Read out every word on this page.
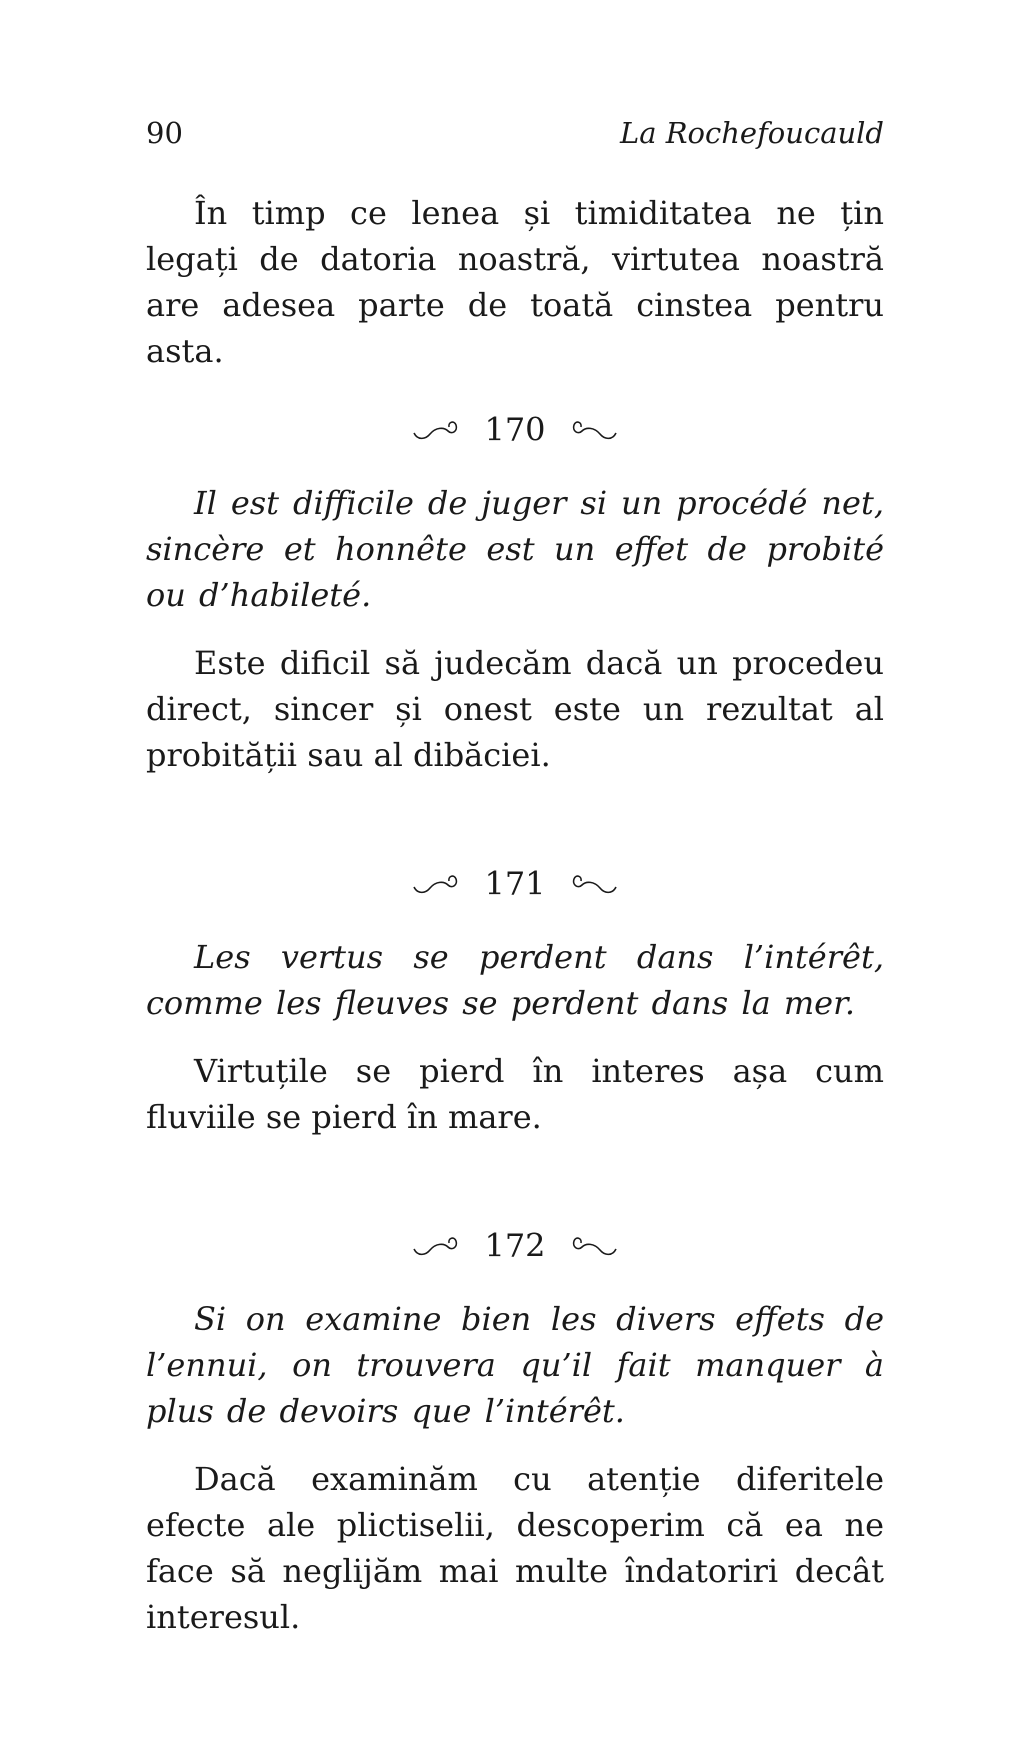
90	La Rochefoucauld

În timp ce lenea și timiditatea ne țin legați de datoria noastră, virtutea noastră are adesea parte de toată cinstea pentru asta.

170

Il est difficile de juger si un procédé net, sincère et honnête est un effet de probité ou d’habileté.

Este dificil să judecăm dacă un procedeu direct, sincer și onest este un rezultat al probității sau al dibăciei.

171

Les vertus se perdent dans l’intérêt, comme les fleuves se perdent dans la mer.

Virtuțile se pierd în interes așa cum fluviile se pierd în mare.

172

Si on examine bien les divers effets de l’ennui, on trouvera qu’il fait manquer à plus de devoirs que l’intérêt.

Dacă examinăm cu atenție diferitele efecte ale plictiselii, descoperim că ea ne face să neglijăm mai multe îndatoriri decât interesul.
